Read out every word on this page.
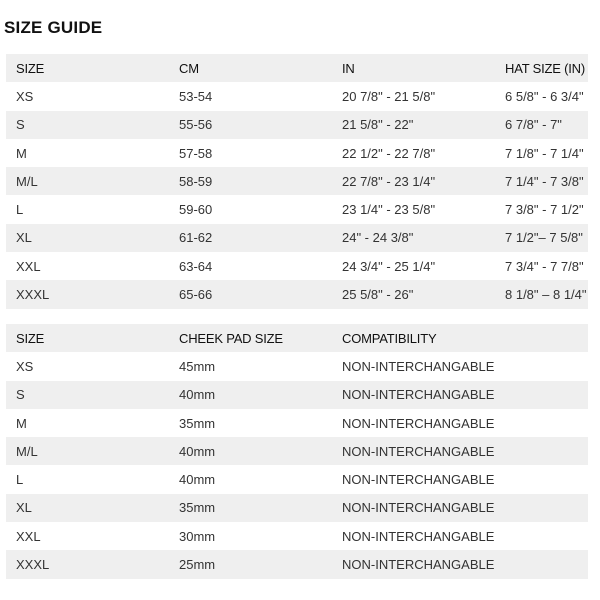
SIZE GUIDE
SIZE	CM	IN	HAT SIZE (IN)
XS	53-54	20 7/8" - 21 5/8"	6 5/8" - 6 3/4"
S	55-56	21 5/8" - 22"	6 7/8" - 7"
M	57-58	22 1/2" - 22 7/8"	7 1/8" - 7 1/4"
M/L	58-59	22 7/8" - 23 1/4"	7 1/4" - 7 3/8"
L	59-60	23 1/4" - 23 5/8"	7 3/8" - 7 1/2"
XL	61-62	24" - 24 3/8"	7 1/2"– 7 5/8"
XXL	63-64	24 3/4" - 25 1/4"	7 3/4" - 7 7/8"
XXXL	65-66	25 5/8" - 26"	8 1/8" – 8 1/4"
SIZE	CHEEK PAD SIZE	COMPATIBILITY
XS	45mm	NON-INTERCHANGABLE
S	40mm	NON-INTERCHANGABLE
M	35mm	NON-INTERCHANGABLE
M/L	40mm	NON-INTERCHANGABLE
L	40mm	NON-INTERCHANGABLE
XL	35mm	NON-INTERCHANGABLE
XXL	30mm	NON-INTERCHANGABLE
XXXL	25mm	NON-INTERCHANGABLE
